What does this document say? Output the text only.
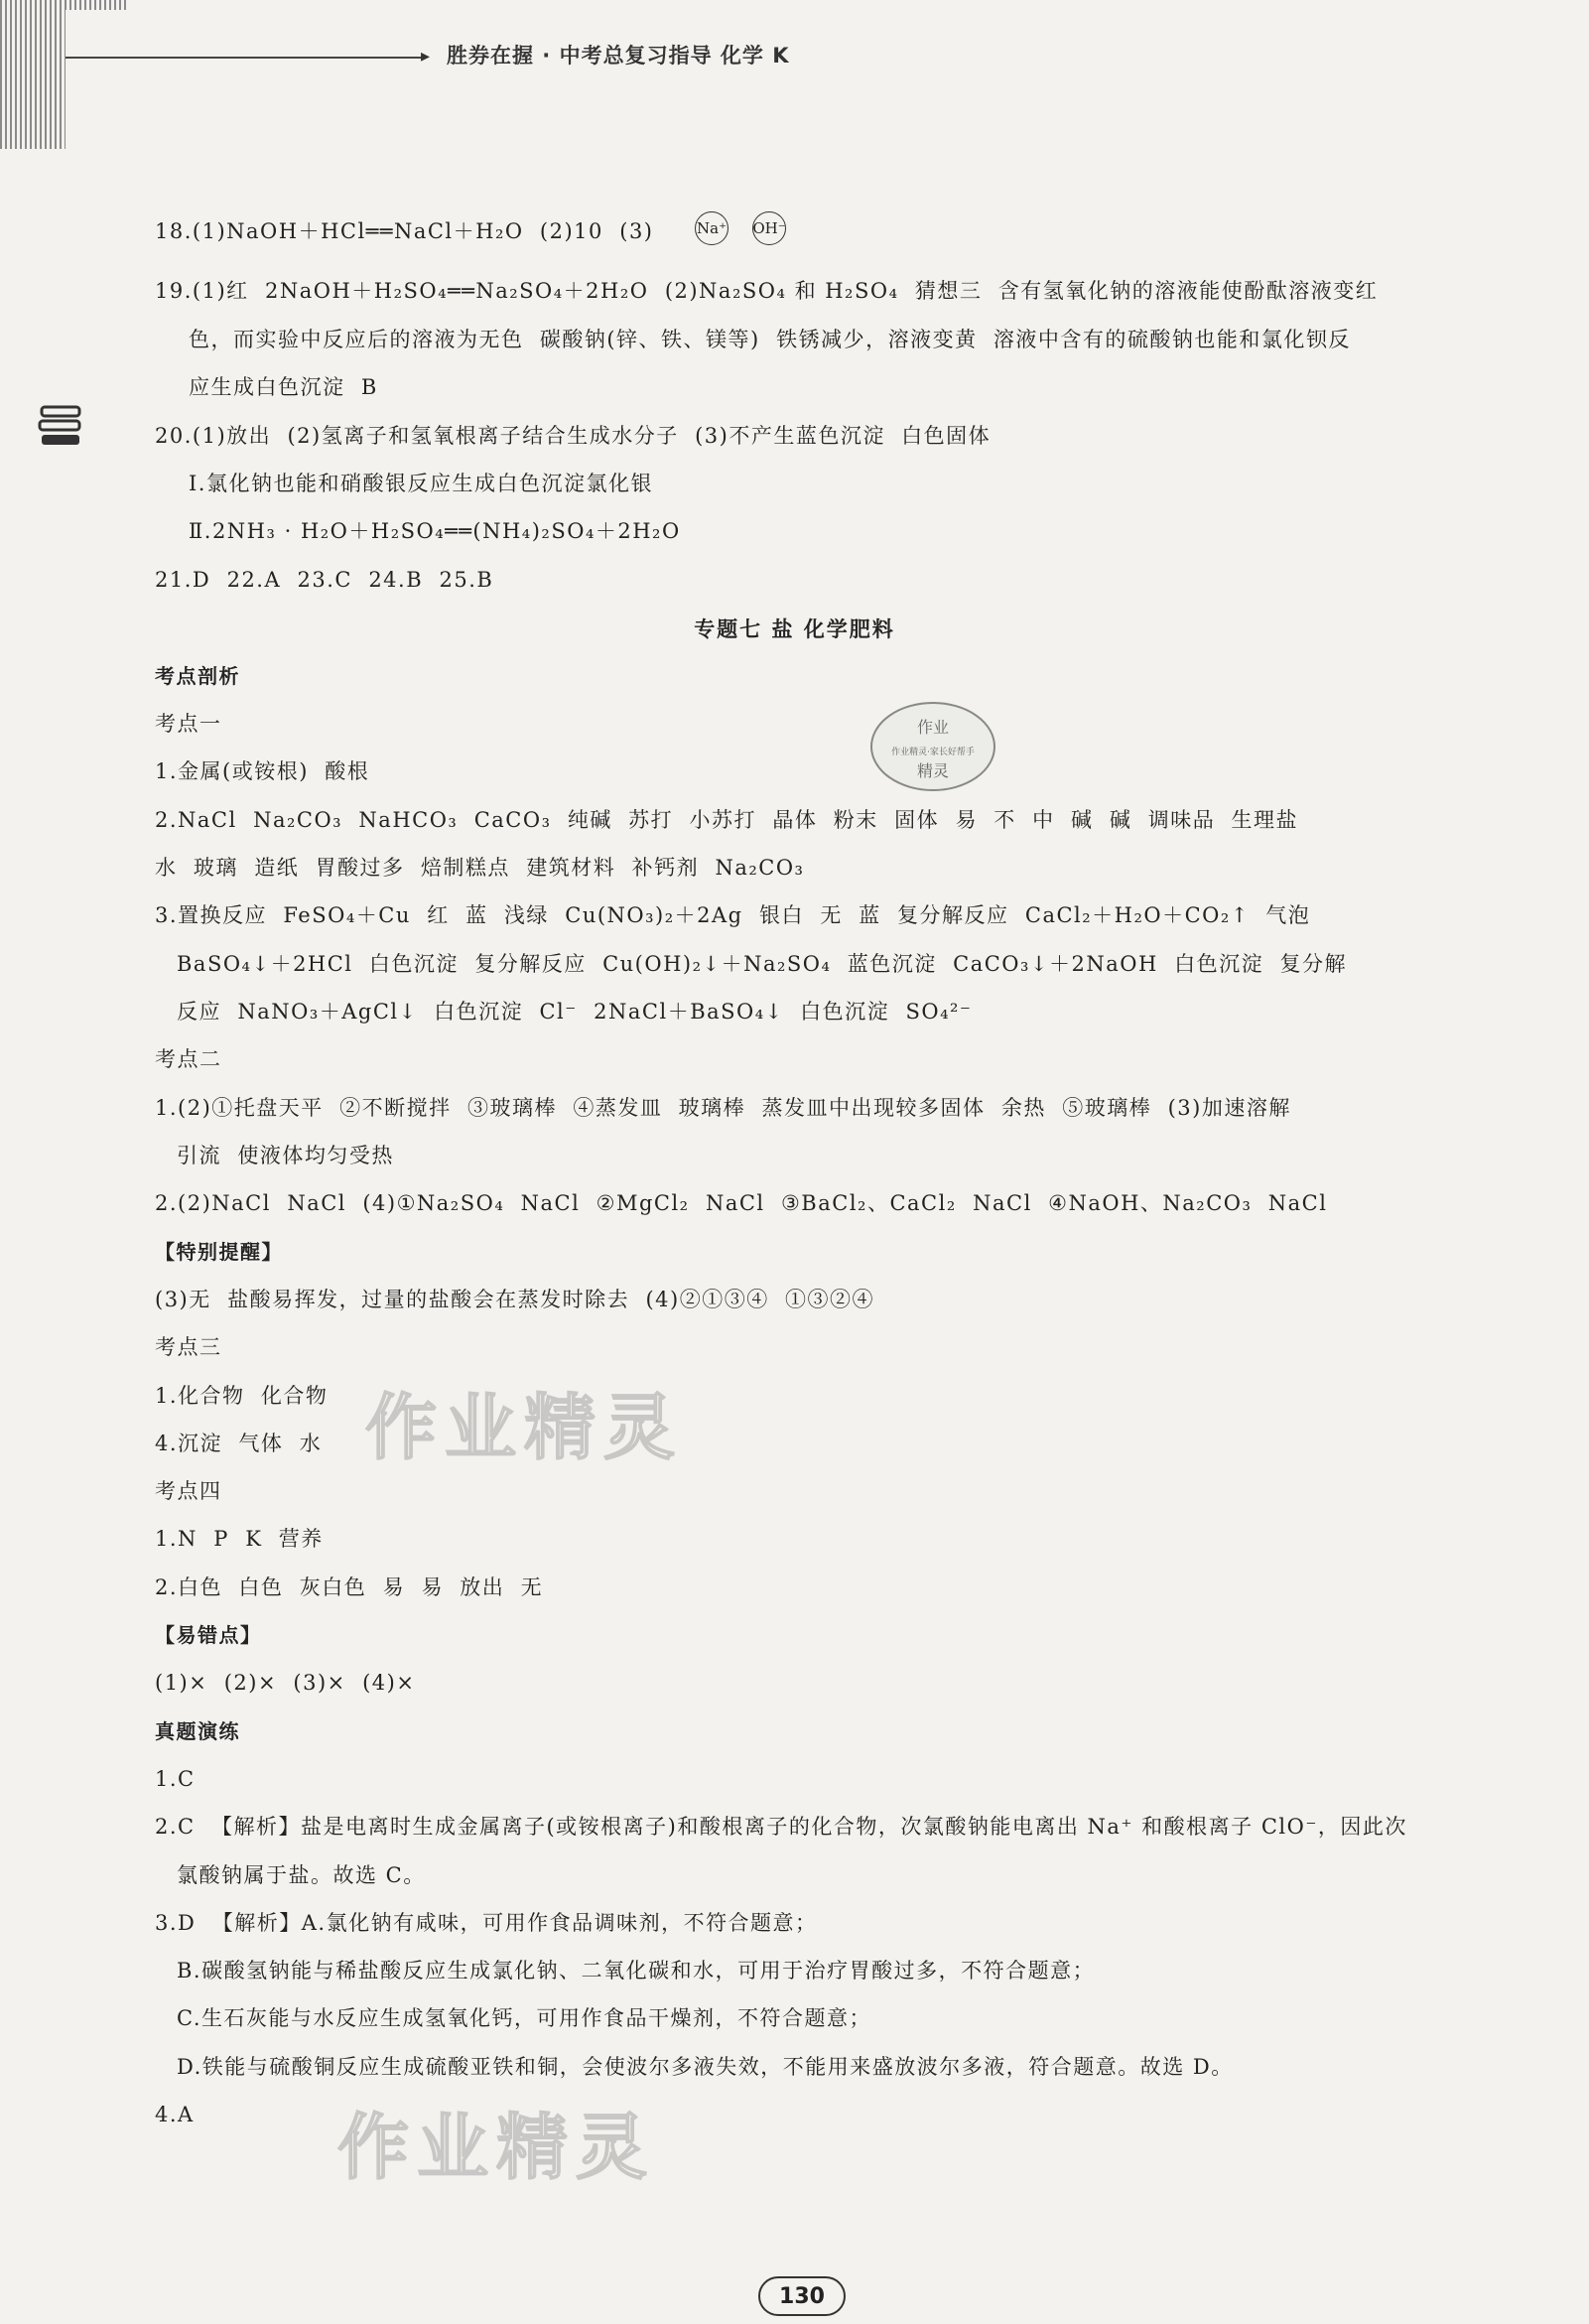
▸ 胜券在握 · 中考总复习指导 化学 K
18.(1)NaOH＋HCl══NaCl＋H₂O  (2)10  (3)
19.(1)红  2NaOH＋H₂SO₄══Na₂SO₄＋2H₂O  (2)Na₂SO₄ 和 H₂SO₄  猜想三  含有氢氧化钠的溶液能使酚酞溶液变红
色，而实验中反应后的溶液为无色  碳酸钠(锌、铁、镁等)  铁锈减少，溶液变黄  溶液中含有的硫酸钠也能和氯化钡反
应生成白色沉淀  B
20.(1)放出  (2)氢离子和氢氧根离子结合生成水分子  (3)不产生蓝色沉淀  白色固体
Ⅰ.氯化钠也能和硝酸银反应生成白色沉淀氯化银
Ⅱ.2NH₃ · H₂O＋H₂SO₄══(NH₄)₂SO₄＋2H₂O
21.D  22.A  23.C  24.B  25.B
考点剖析
考点一
1.金属(或铵根)  酸根
2.NaCl  Na₂CO₃  NaHCO₃  CaCO₃  纯碱  苏打  小苏打  晶体  粉末  固体  易  不  中  碱  碱  调味品  生理盐
水  玻璃  造纸  胃酸过多  焙制糕点  建筑材料  补钙剂  Na₂CO₃
3.置换反应  FeSO₄＋Cu  红  蓝  浅绿  Cu(NO₃)₂＋2Ag  银白  无  蓝  复分解反应  CaCl₂＋H₂O＋CO₂↑  气泡
BaSO₄↓＋2HCl  白色沉淀  复分解反应  Cu(OH)₂↓＋Na₂SO₄  蓝色沉淀  CaCO₃↓＋2NaOH  白色沉淀  复分解
反应  NaNO₃＋AgCl↓  白色沉淀  Cl⁻  2NaCl＋BaSO₄↓  白色沉淀  SO₄²⁻
考点二
1.(2)①托盘天平  ②不断搅拌  ③玻璃棒  ④蒸发皿  玻璃棒  蒸发皿中出现较多固体  余热  ⑤玻璃棒  (3)加速溶解
引流  使液体均匀受热
2.(2)NaCl  NaCl  (4)①Na₂SO₄  NaCl  ②MgCl₂  NaCl  ③BaCl₂、CaCl₂  NaCl  ④NaOH、Na₂CO₃  NaCl
【特别提醒】
(3)无  盐酸易挥发，过量的盐酸会在蒸发时除去  (4)②①③④  ①③②④
考点三
1.化合物  化合物
4.沉淀  气体  水
考点四
1.N  P  K  营养
2.白色  白色  灰白色  易  易  放出  无
【易错点】
(1)×  (2)×  (3)×  (4)×
真题演练
1.C
2.C  【解析】盐是电离时生成金属离子(或铵根离子)和酸根离子的化合物，次氯酸钠能电离出 Na⁺ 和酸根离子 ClO⁻，因此次
氯酸钠属于盐。故选 C。
3.D  【解析】A.氯化钠有咸味，可用作食品调味剂，不符合题意；
B.碳酸氢钠能与稀盐酸反应生成氯化钠、二氧化碳和水，可用于治疗胃酸过多，不符合题意；
C.生石灰能与水反应生成氢氧化钙，可用作食品干燥剂，不符合题意；
D.铁能与硫酸铜反应生成硫酸亚铁和铜，会使波尔多液失效，不能用来盛放波尔多液，符合题意。故选 D。
4.A
Na⁺ OH⁻
专题七 盐 化学肥料
作业
作业精灵·家长好帮手
精灵
作业精灵
作业精灵
130
